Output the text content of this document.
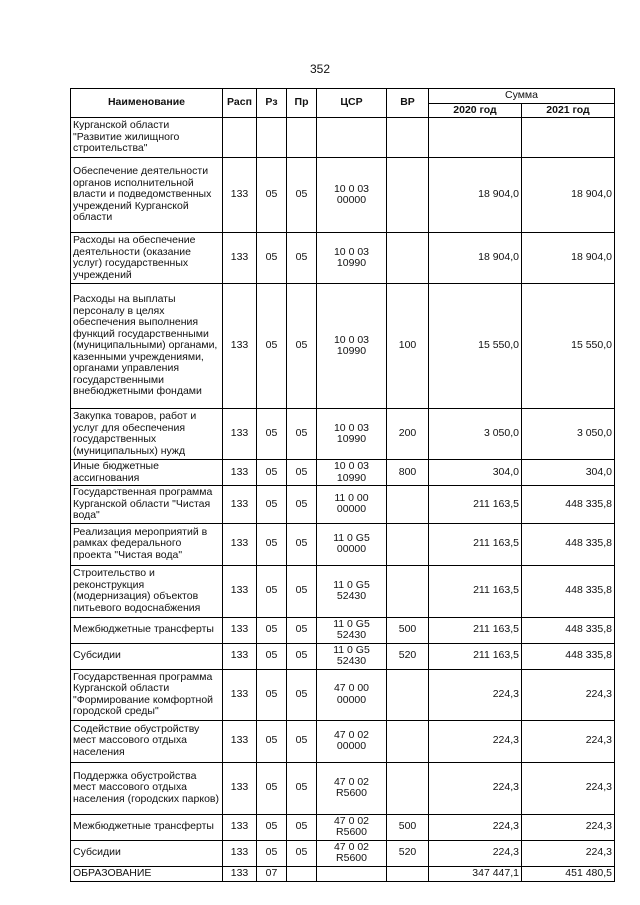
352
Наименование	Расп	Рз	Пр	ЦСР	ВР	Сумма	
						2020 год	2021 год
Курганской области "Развитие жилищного строительства"							
Обеспечение деятельности органов исполнительной власти и подведомственных учреждений Курганской области	133	05	05	10 0 03 00000		18 904,0	18 904,0
Расходы на обеспечение деятельности (оказание услуг) государственных учреждений	133	05	05	10 0 03 10990		18 904,0	18 904,0
Расходы на выплаты персоналу в целях обеспечения выполнения функций государственными (муниципальными) органами, казенными учреждениями, органами управления государственными внебюджетными фондами	133	05	05	10 0 03 10990	100	15 550,0	15 550,0
Закупка товаров, работ и услуг для обеспечения государственных (муниципальных) нужд	133	05	05	10 0 03 10990	200	3 050,0	3 050,0
Иные бюджетные ассигнования	133	05	05	10 0 03 10990	800	304,0	304,0
Государственная программа Курганской области "Чистая вода"	133	05	05	11 0 00 00000		211 163,5	448 335,8
Реализация мероприятий в рамках федерального проекта "Чистая вода"	133	05	05	11 0 G5 00000		211 163,5	448 335,8
Строительство и реконструкция (модернизация) объектов питьевого водоснабжения	133	05	05	11 0 G5 52430		211 163,5	448 335,8
Межбюджетные трансферты	133	05	05	11 0 G5 52430	500	211 163,5	448 335,8
Субсидии	133	05	05	11 0 G5 52430	520	211 163,5	448 335,8
Государственная программа Курганской области "Формирование комфортной городской среды"	133	05	05	47 0 00 00000		224,3	224,3
Содействие обустройству мест массового отдыха населения	133	05	05	47 0 02 00000		224,3	224,3
Поддержка обустройства мест массового отдыха населения (городских парков)	133	05	05	47 0 02 R5600		224,3	224,3
Межбюджетные трансферты	133	05	05	47 0 02 R5600	500	224,3	224,3
Субсидии	133	05	05	47 0 02 R5600	520	224,3	224,3
ОБРАЗОВАНИЕ	133	07				347 447,1	451 480,5
